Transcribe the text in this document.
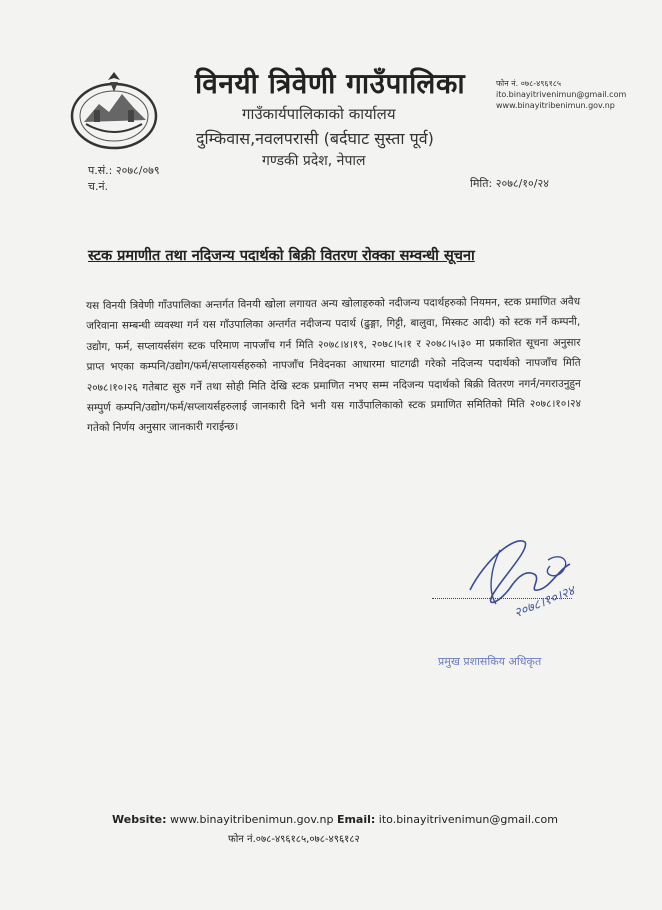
विनयी त्रिवेणी गाउँपालिका
गाउँकार्यपालिकाको कार्यालय
दुम्किवास,नवलपरासी (बर्दघाट सुस्ता पूर्व)
गण्डकी प्रदेश, नेपाल
फोन नं. ०७८-४९६१८५
ito.binayitrivenimun@gmail.com
www.binayitribenimun.gov.np
प.सं.: २०७८/०७९
च.नं.	मिति: २०७८/१०/२४
स्टक प्रमाणीत तथा नदिजन्य पदार्थको बिक्री वितरण रोक्का सम्वन्धी सूचना
यस विनयी त्रिवेणी गाँउपालिका अन्तर्गत विनयी खोला लगायत अन्य खोलाहरुको नदीजन्य पदार्थहरुको नियमन, स्टक प्रमाणित अवैध जरिवाना सम्बन्धी व्यवस्था गर्न यस गाँउपालिका अन्तर्गत नदीजन्य पदार्थ (ढुङ्गा, गिट्टी, बालुवा, मिस्कट आदी) को स्टक गर्ने कम्पनी, उद्योग, फर्म, सप्लायर्ससंग स्टक परिमाण नापजाँच गर्न मिति २०७८।४।१९, २०७८।५।१ र २०७८।५।३० मा प्रकाशित सूचना अनुसार प्राप्त भएका कम्पनि/उद्योग/फर्म/सप्लायर्सहरुको नापजाँच निवेदनका आधारमा घाटगढी गरेको नदिजन्य पदार्थको नापजाँच मिति २०७८।१०।२६ गतेबाट सुरु गर्ने तथा सोही मिति देखि स्टक प्रमाणित नभए सम्म नदिजन्य पदार्थको बिक्री वितरण नगर्न/नगराउनुहुन सम्पुर्ण कम्पनि/उद्योग/फर्म/सप्लायर्सहरुलाई जानकारी दिने भनी यस गाउँपालिकाको स्टक प्रमाणित समितिको मिति २०७८।१०।२४ गतेको निर्णय अनुसार जानकारी गराईन्छ।
२०७८।१०।२४
प्रमुख प्रशासकिय अधिकृत
Website: www.binayitribenimun.gov.np Email: ito.binayitrivenimun@gmail.com
फोन नं.०७८-४९६१८५,०७८-४९६१८२
